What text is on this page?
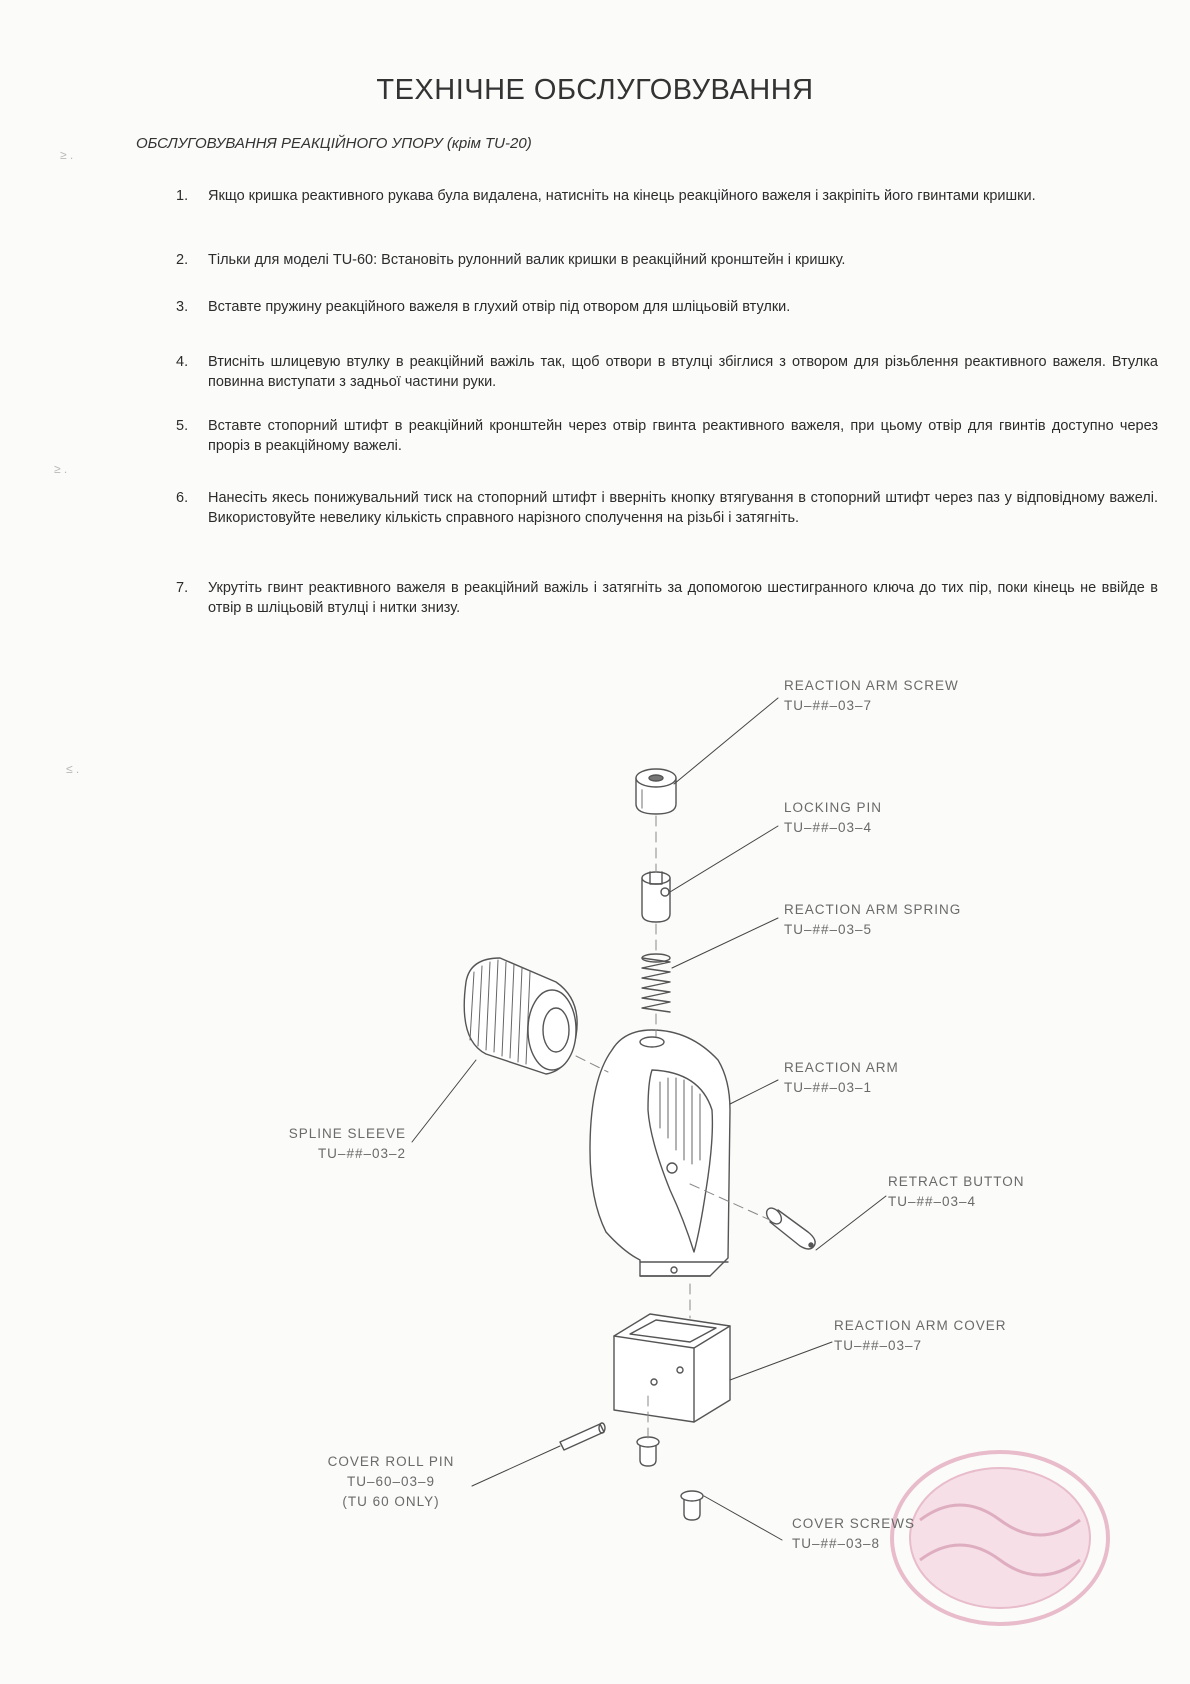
ТЕХНІЧНЕ ОБСЛУГОВУВАННЯ
ОБСЛУГОВУВАННЯ РЕАКЦІЙНОГО УПОРУ (крім TU-20)
≥ .
≥ .
≤ .
1.	Якщо кришка реактивного рукава була видалена, натисніть на кінець реакційного важеля і закріпіть його гвинтами кришки.
2.	Тільки для моделі TU-60: Встановіть рулонний валик кришки в реакційний кронштейн і кришку.
3.	Вставте пружину реакційного важеля в глухий отвір під отвором для шліцьовій втулки.
4.	Втисніть шлицевую втулку в реакційний важіль так, щоб отвори в втулці збіглися з отвором для різьблення реактивного важеля. Втулка повинна виступати з задньої частини руки.
5.	Вставте стопорний штифт в реакційний кронштейн через отвір гвинта реактивного важеля, при цьому отвір для гвинтів доступно через проріз в реакційному важелі.
6.	Нанесіть якесь понижувальний тиск на стопорний штифт і вверніть кнопку втягування в стопорний штифт через паз у відповідному важелі. Використовуйте невелику кількість справного нарізного сполучення на різьбі і затягніть.
7.	Укрутіть гвинт реактивного важеля в реакційний важіль і затягніть за допомогою шестигранного ключа до тих пір, поки кінець не ввійде в отвір в шліцьовій втулці і нитки знизу.
REACTION ARM SCREW
TU–##–03–7
LOCKING PIN
TU–##–03–4
REACTION ARM SPRING
TU–##–03–5
REACTION ARM
TU–##–03–1
SPLINE SLEEVE
TU–##–03–2
RETRACT BUTTON
TU–##–03–4
REACTION ARM COVER
TU–##–03–7
COVER ROLL PIN
TU–60–03–9
(TU 60 ONLY)
COVER SCREWS
TU–##–03–8
